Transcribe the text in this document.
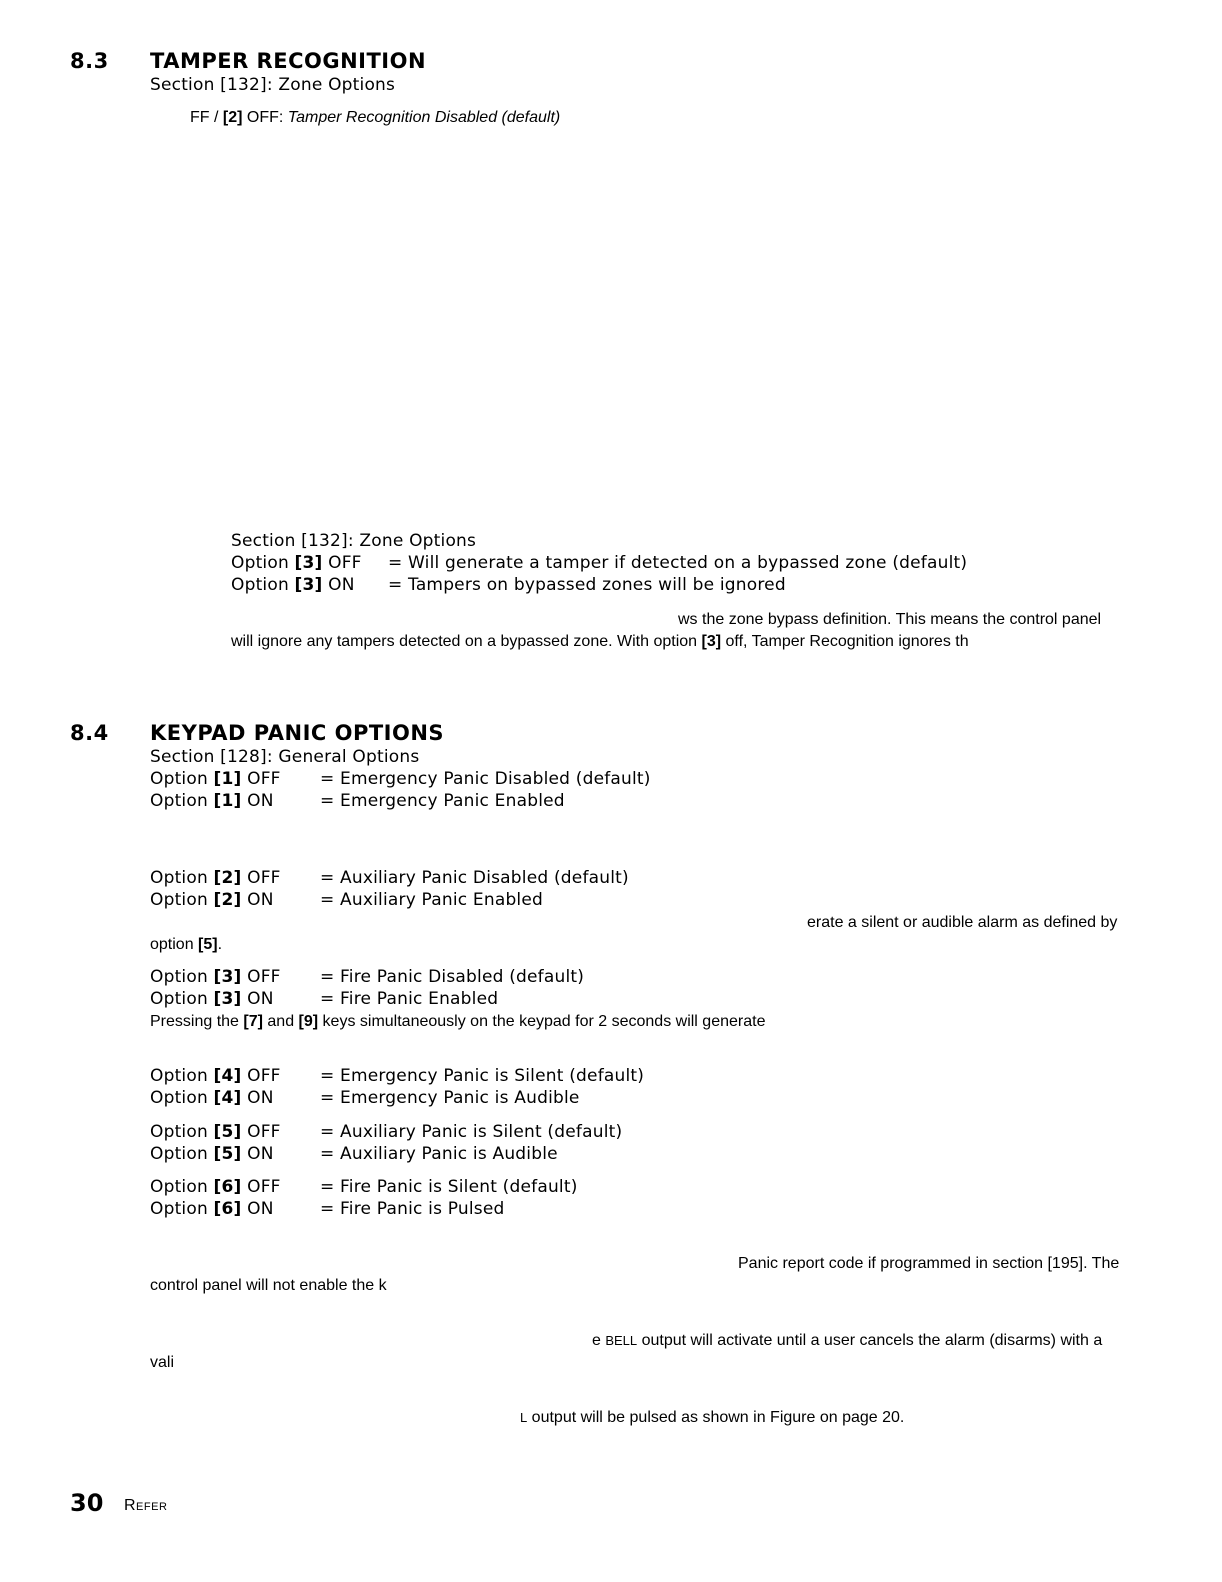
8.3 TAMPER RECOGNITION
Section [132]: Zone Options
FF / [2] OFF: Tamper Recognition Disabled (default)
Section [132]: Zone Options
Option [3] OFF = Will generate a tamper if detected on a bypassed zone (default)
Option [3] ON = Tampers on bypassed zones will be ignored
ws the zone bypass definition. This means the control panel
will ignore any tampers detected on a bypassed zone. With option [3] off, Tamper Recognition ignores th
8.4 KEYPAD PANIC OPTIONS
Section [128]: General Options
Option [1] OFF = Emergency Panic Disabled (default)
Option [1] ON	= Emergency Panic Enabled
Option [2] OFF = Auxiliary Panic Disabled (default)
Option [2] ON	= Auxiliary Panic Enabled
Option [3] OFF = Fire Panic Disabled (default)
Option [3] ON	= Fire Panic Enabled
Option [4] OFF = Emergency Panic is Silent (default)
Option [4] ON	= Emergency Panic is Audible
Option [5] OFF = Auxiliary Panic is Silent (default)
Option [5] ON	= Auxiliary Panic is Audible
Option [6] OFF = Fire Panic is Silent (default)
Option [6] ON	= Fire Panic is Pulsed
erate a silent or audible alarm as defined by
option [5].
Pressing the [7] and [9] keys simultaneously on the keypad for 2 seconds will generate
Panic report code if programmed in section [195]. The
control panel will not enable the k
e BELL output will activate until a user cancels the alarm (disarms) with a
vali
L output will be pulsed as shown in Figure on page 20.
30 Refer
